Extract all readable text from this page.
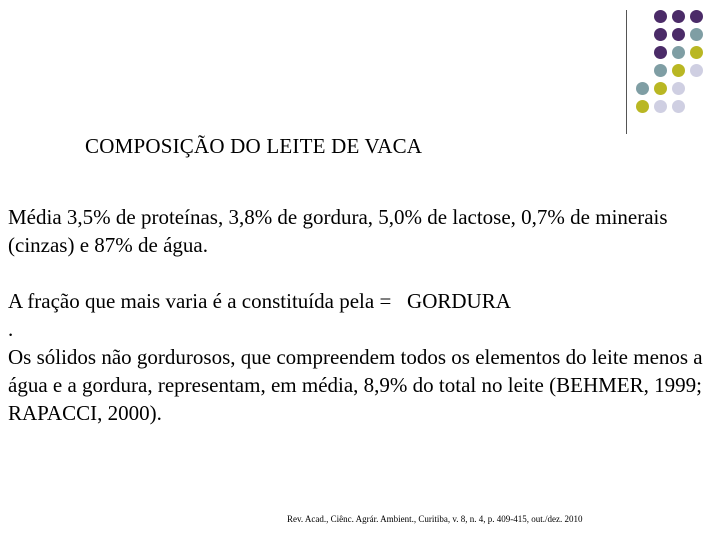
COMPOSIÇÃO DO LEITE DE VACA
Média 3,5% de proteínas, 3,8% de gordura, 5,0% de lactose, 0,7% de minerais (cinzas) e 87% de água.
A fração que mais varia é a constituída pela = GORDURA
.
Os sólidos não gordurosos, que compreendem todos os elementos do leite menos a água e a gordura, representam, em média, 8,9% do total no leite (BEHMER, 1999; RAPACCI, 2000).
Rev. Acad., Ciênc. Agrár. Ambient., Curitiba, v. 8, n. 4, p. 409-415, out./dez. 2010
